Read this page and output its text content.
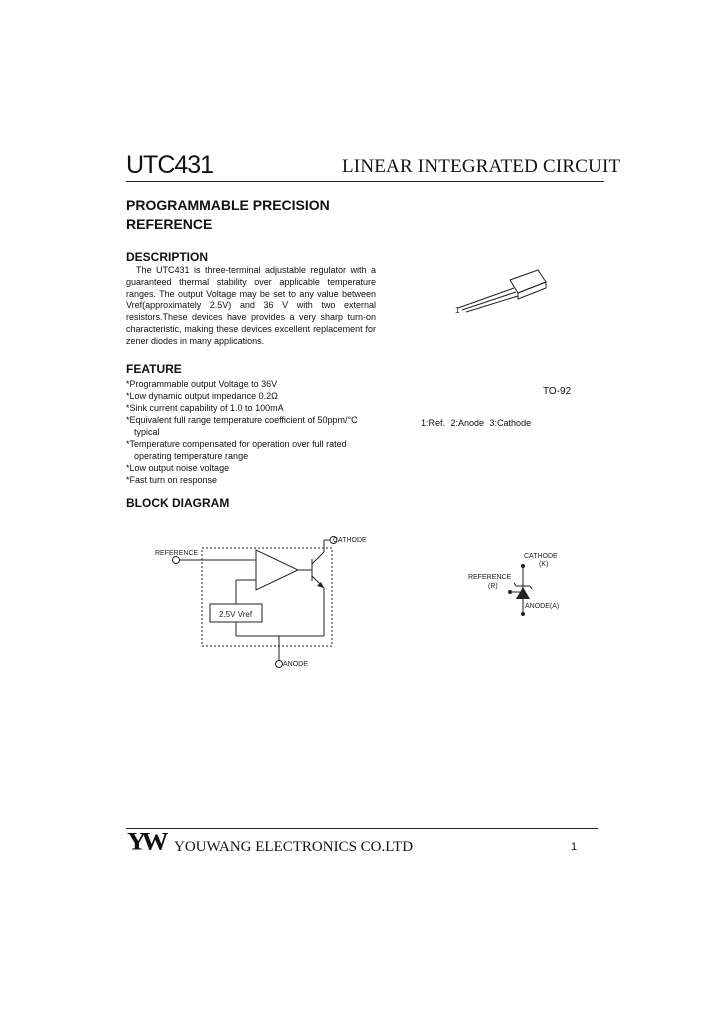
UTC431	LINEAR INTEGRATED CIRCUIT
PROGRAMMABLE PRECISION
REFERENCE
DESCRIPTION

The UTC431 is three-terminal adjustable regulator with a guaranteed thermal stability over applicable temperature ranges. The output Voltage may be set to any value between Vref(approximately 2.5V) and 36 V with two external resistors.These devices have provides a very sharp turn-on characteristic, making these devices excellent replacement for zener diodes in many applications.

FEATURE
*Programmable output Voltage to 36V
*Low dynamic output impedance 0.2Ω
*Sink current capability of 1.0 to 100mA
*Equivalent full range temperature coefficient of 50ppm/°C
typical
*Temperature compensated for operation over full rated
operating temperature range
*Low output noise voltage
*Fast turn on response
1
TO-92
1:Ref. 2:Anode 3:Cathode
BLOCK DIAGRAM
REFERENCE
CATHODE
ANODE
2.5V Vref
CATHODE
(K)
REFERENCE
(R)
ANODE(A)
YW YOUWANG ELECTRONICS CO.LTD	1
